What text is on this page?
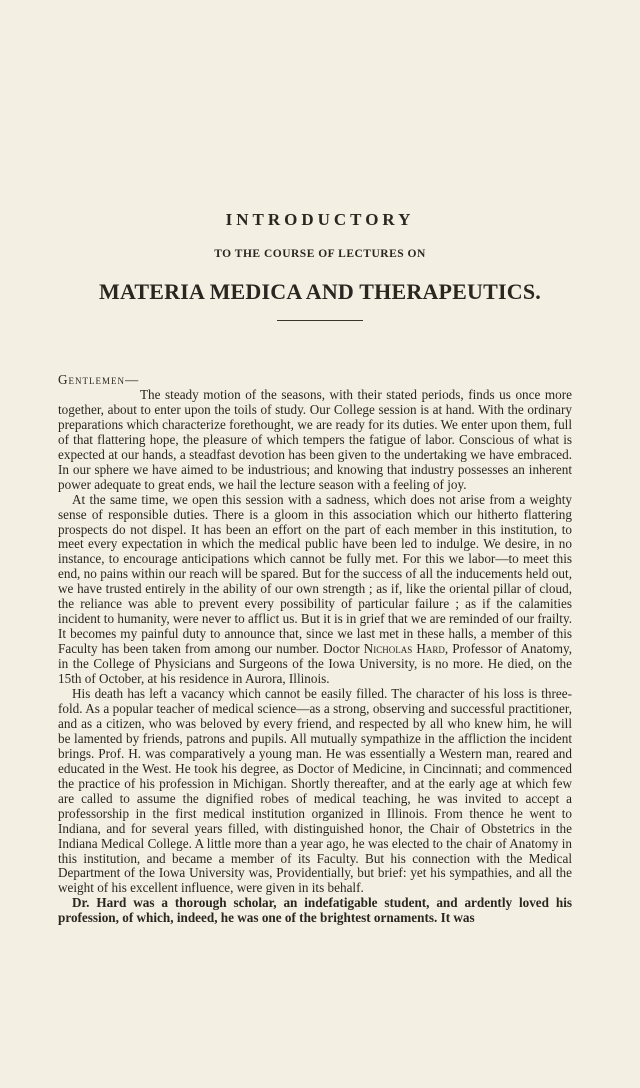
INTRODUCTORY
TO THE COURSE OF LECTURES ON
MATERIA MEDICA AND THERAPEUTICS.

Gentlemen—

The steady motion of the seasons, with their stated periods, finds us once more together, about to enter upon the toils of study. Our College session is at hand. With the ordinary preparations which characterize forethought, we are ready for its duties. We enter upon them, full of that flattering hope, the pleasure of which tempers the fatigue of labor. Conscious of what is expected at our hands, a steadfast devotion has been given to the undertaking we have embraced. In our sphere we have aimed to be industrious; and knowing that industry possesses an inherent power adequate to great ends, we hail the lecture season with a feeling of joy.

At the same time, we open this session with a sadness, which does not arise from a weighty sense of responsible duties. There is a gloom in this association which our hitherto flattering prospects do not dispel. It has been an effort on the part of each member in this institution, to meet every expectation in which the medical public have been led to indulge. We desire, in no instance, to encourage anticipations which cannot be fully met. For this we labor—to meet this end, no pains within our reach will be spared. But for the success of all the inducements held out, we have trusted entirely in the ability of our own strength ; as if, like the oriental pillar of cloud, the reliance was able to prevent every possibility of particular failure ; as if the calamities incident to humanity, were never to afflict us. But it is in grief that we are reminded of our frailty. It becomes my painful duty to announce that, since we last met in these halls, a member of this Faculty has been taken from among our number. Doctor Nicholas Hard, Professor of Anatomy, in the College of Physicians and Surgeons of the Iowa University, is no more. He died, on the 15th of October, at his residence in Aurora, Illinois.

His death has left a vacancy which cannot be easily filled. The character of his loss is three-fold. As a popular teacher of medical science—as a strong, observing and successful practitioner, and as a citizen, who was beloved by every friend, and respected by all who knew him, he will be lamented by friends, patrons and pupils. All mutually sympathize in the affliction the incident brings. Prof. H. was comparatively a young man. He was essentially a Western man, reared and educated in the West. He took his degree, as Doctor of Medicine, in Cincinnati; and commenced the practice of his profession in Michigan. Shortly thereafter, and at the early age at which few are called to assume the dignified robes of medical teaching, he was invited to accept a professorship in the first medical institution organized in Illinois. From thence he went to Indiana, and for several years filled, with distinguished honor, the Chair of Obstetrics in the Indiana Medical College. A little more than a year ago, he was elected to the chair of Anatomy in this institution, and became a member of its Faculty. But his connection with the Medical Department of the Iowa University was, Providentially, but brief: yet his sympathies, and all the weight of his excellent influence, were given in its behalf.

Dr. Hard was a thorough scholar, an indefatigable student, and ardently loved his profession, of which, indeed, he was one of the brightest ornaments. It was
